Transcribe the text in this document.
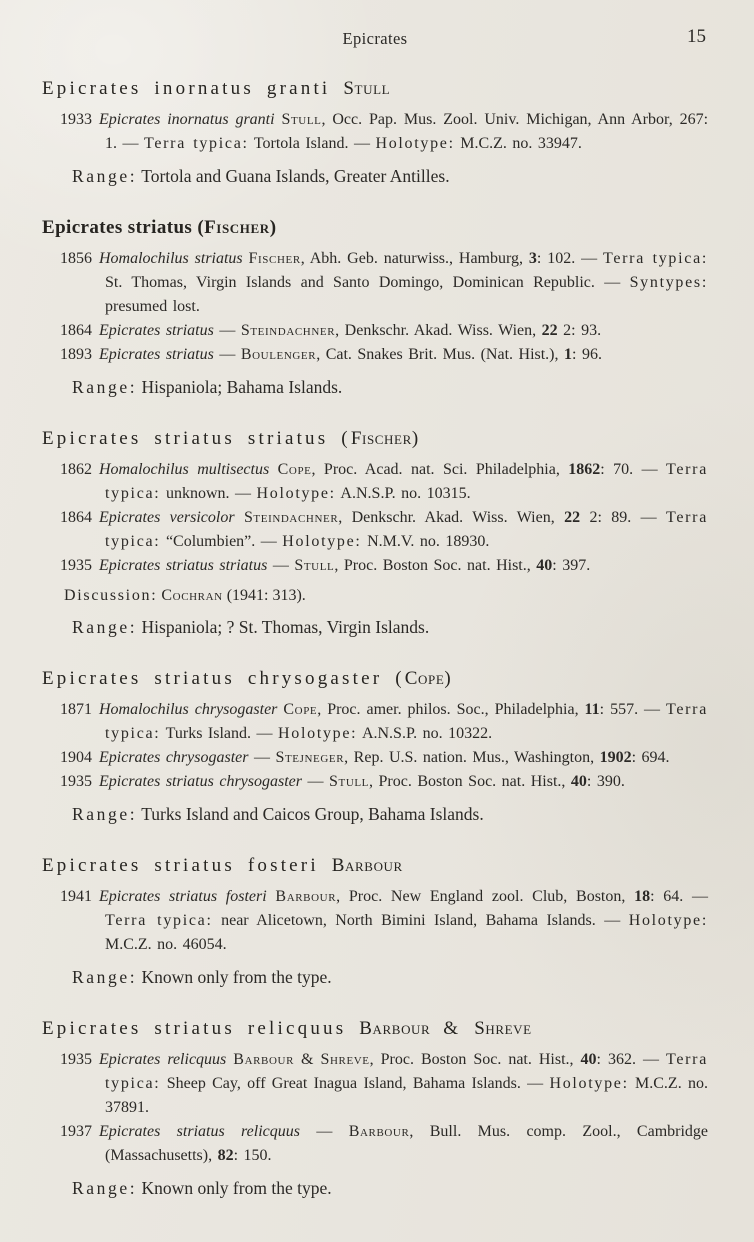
Epicrates	15
Epicrates inornatus granti Stull

1933 Epicrates inornatus granti Stull, Occ. Pap. Mus. Zool. Univ. Michigan, Ann Arbor, 267: 1. — Terra typica: Tortola Island. — Holotype: M.C.Z. no. 33947.

Range: Tortola and Guana Islands, Greater Antilles.

Epicrates striatus (Fischer)

1856 Homalochilus striatus Fischer, Abh. Geb. naturwiss., Hamburg, 3: 102. — Terra typica: St. Thomas, Virgin Islands and Santo Domingo, Dominican Republic. — Syntypes: presumed lost.

1864 Epicrates striatus — Steindachner, Denkschr. Akad. Wiss. Wien, 22 2: 93.

1893 Epicrates striatus — Boulenger, Cat. Snakes Brit. Mus. (Nat. Hist.), 1: 96.

Range: Hispaniola; Bahama Islands.

Epicrates striatus striatus (Fischer)

1862 Homalochilus multisectus Cope, Proc. Acad. nat. Sci. Philadelphia, 1862: 70. — Terra typica: unknown. — Holotype: A.N.S.P. no. 10315.

1864 Epicrates versicolor Steindachner, Denkschr. Akad. Wiss. Wien, 22 2: 89. — Terra typica: “Columbien”. — Holotype: N.M.V. no. 18930.

1935 Epicrates striatus striatus — Stull, Proc. Boston Soc. nat. Hist., 40: 397.

Discussion: Cochran (1941: 313).

Range: Hispaniola; ? St. Thomas, Virgin Islands.

Epicrates striatus chrysogaster (Cope)

1871 Homalochilus chrysogaster Cope, Proc. amer. philos. Soc., Philadelphia, 11: 557. — Terra typica: Turks Island. — Holotype: A.N.S.P. no. 10322.

1904 Epicrates chrysogaster — Stejneger, Rep. U.S. nation. Mus., Washington, 1902: 694.

1935 Epicrates striatus chrysogaster — Stull, Proc. Boston Soc. nat. Hist., 40: 390.

Range: Turks Island and Caicos Group, Bahama Islands.

Epicrates striatus fosteri Barbour

1941 Epicrates striatus fosteri Barbour, Proc. New England zool. Club, Boston, 18: 64. — Terra typica: near Alicetown, North Bimini Island, Bahama Islands. — Holotype: M.C.Z. no. 46054.

Range: Known only from the type.

Epicrates striatus relicquus Barbour & Shreve

1935 Epicrates relicquus Barbour & Shreve, Proc. Boston Soc. nat. Hist., 40: 362. — Terra typica: Sheep Cay, off Great Inagua Island, Bahama Islands. — Holotype: M.C.Z. no. 37891.

1937 Epicrates striatus relicquus — Barbour, Bull. Mus. comp. Zool., Cambridge (Massachusetts), 82: 150.

Range: Known only from the type.
